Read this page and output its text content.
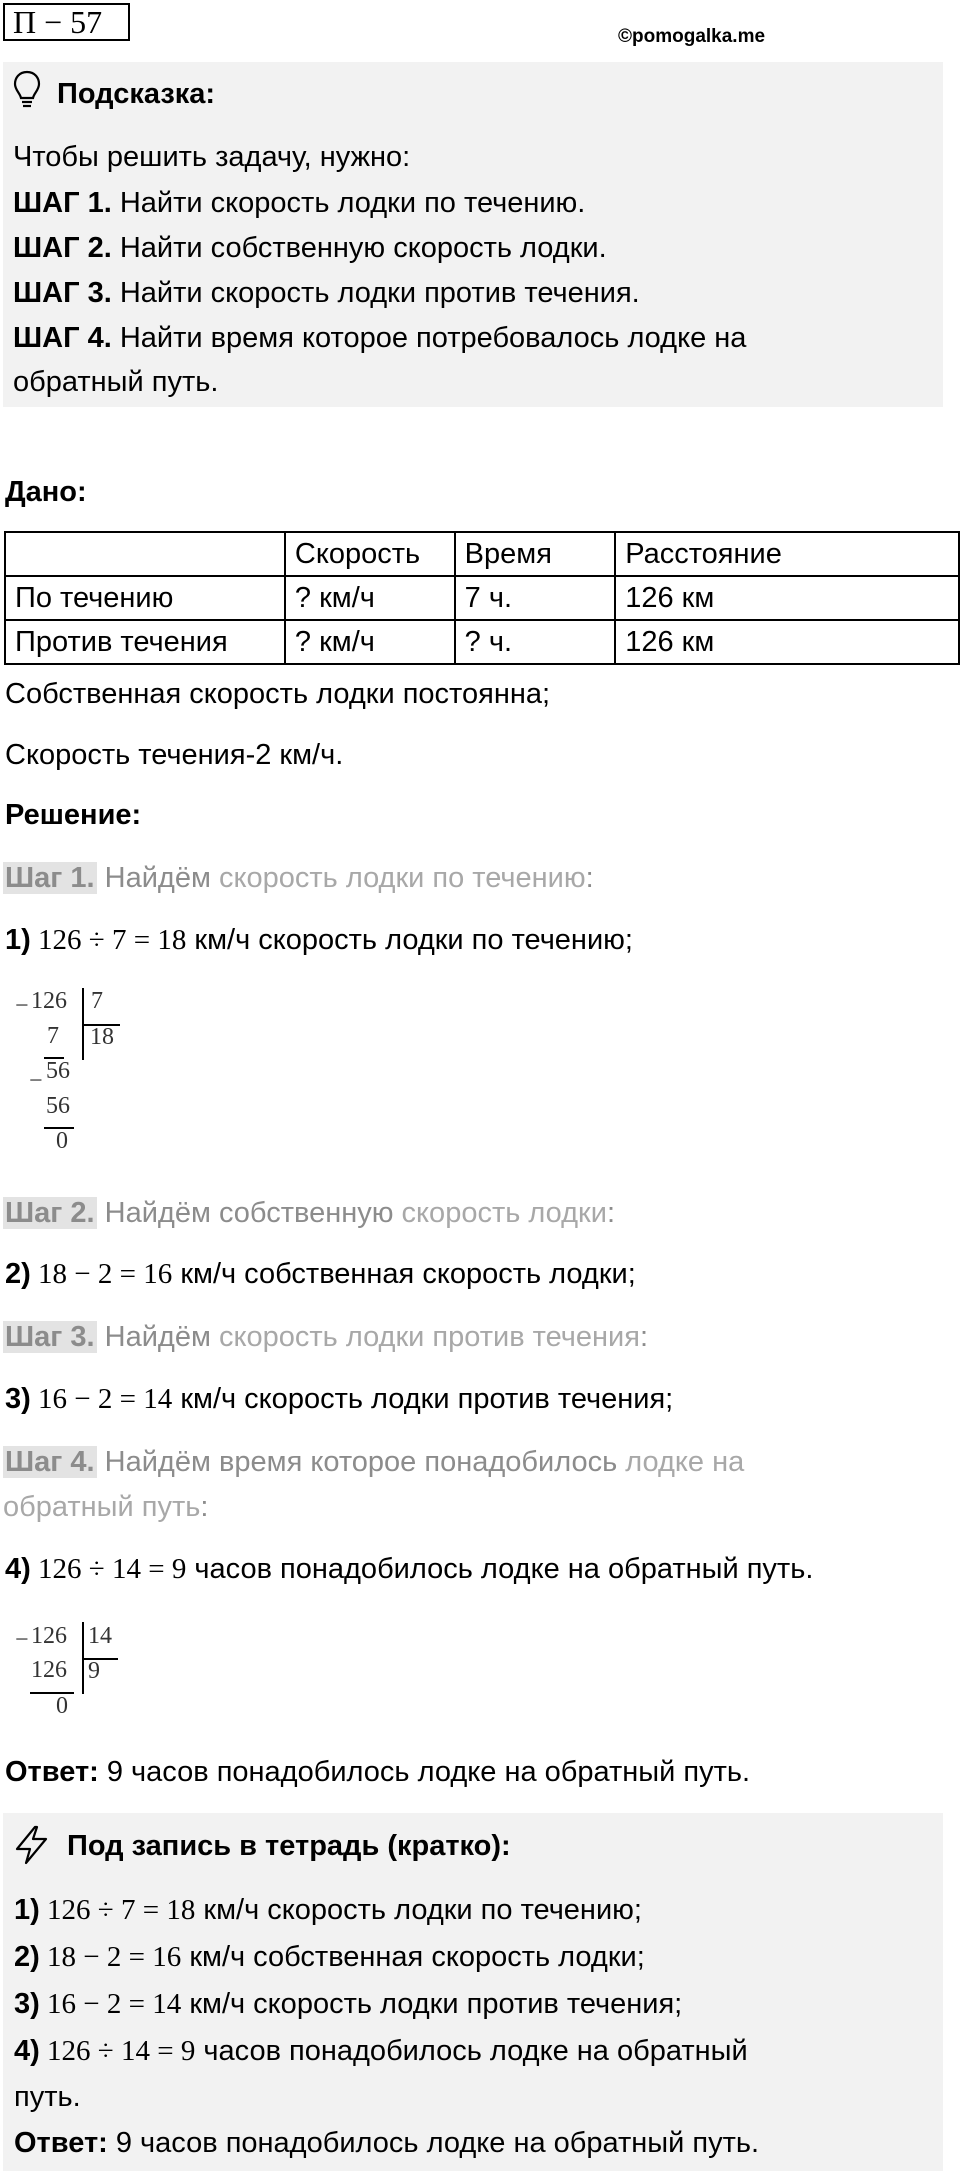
П − 57	©pomogalka.me
Подсказка:
Чтобы решить задачу, нужно:
ШАГ 1. Найти скорость лодки по течению.
ШАГ 2. Найти собственную скорость лодки.
ШАГ 3. Найти скорость лодки против течения.
ШАГ 4. Найти время которое потребовалось лодке на
обратный путь.
Дано:
	Скорость	Время	Расстояние
По течению	? км/ч	7 ч.	126 км
Против течения	? км/ч	? ч.	126 км
Собственная скорость лодки постоянна;
Скорость течения-2 км/ч.
Решение:
Шаг 1. Найдём скорость лодки по течению:
1) 126 ÷ 7 = 18 км/ч скорость лодки по течению;
− 126 7
18
7
− 56
56
0
Шаг 2. Найдём собственную скорость лодки:
2) 18 − 2 = 16 км/ч собственная скорость лодки;
Шаг 3. Найдём скорость лодки против течения:
3) 16 − 2 = 14 км/ч скорость лодки против течения;
Шаг 4. Найдём время которое понадобилось лодке на
обратный путь:
4) 126 ÷ 14 = 9 часов понадобилось лодке на обратный путь.
− 126 14
9
126
0
Ответ: 9 часов понадобилось лодке на обратный путь.
Под запись в тетрадь (кратко):
1) 126 ÷ 7 = 18 км/ч скорость лодки по течению;
2) 18 − 2 = 16 км/ч собственная скорость лодки;
3) 16 − 2 = 14 км/ч скорость лодки против течения;
4) 126 ÷ 14 = 9 часов понадобилось лодке на обратный
путь.
Ответ: 9 часов понадобилось лодке на обратный путь.
